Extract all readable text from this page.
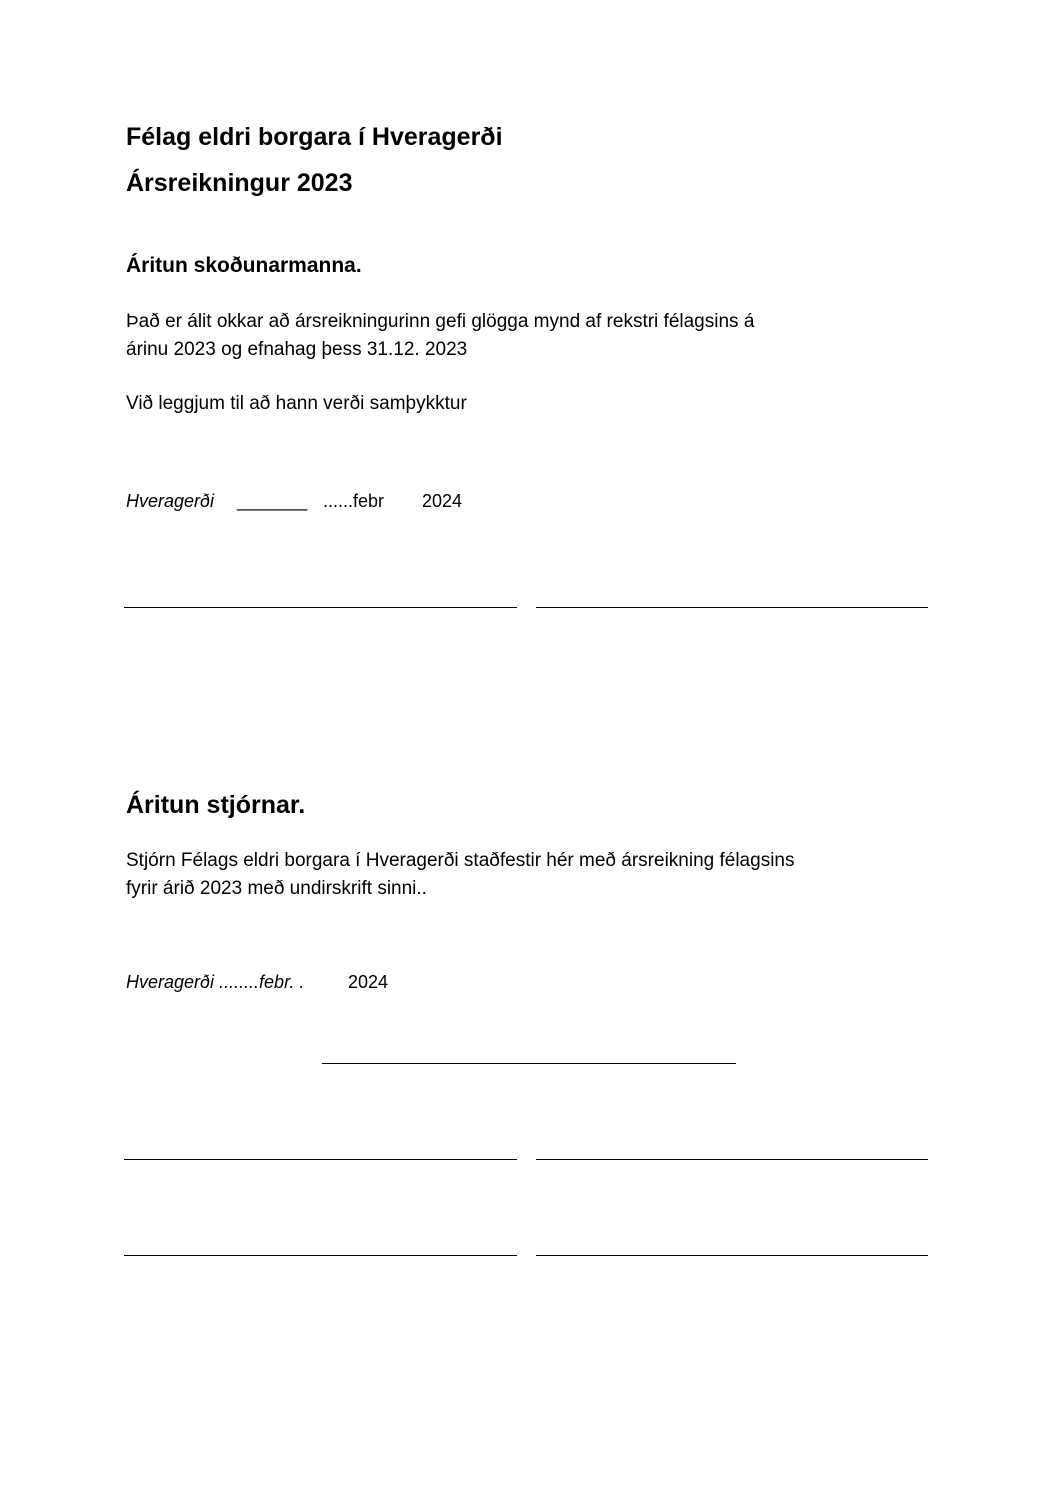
Félag eldri borgara í Hveragerði
Ársreikningur 2023
Áritun skoðunarmanna.
Það er álit okkar að ársreikningurinn gefi glögga mynd af rekstri félagsins á
árinu 2023 og efnahag þess 31.12. 2023

Við leggjum til að hann verði samþykktur

Hveragerði _______ ......febr 2024
Áritun stjórnar.
Stjórn Félags eldri borgara í Hveragerði staðfestir hér með ársreikning félagsins
fyrir árið 2023 með undirskrift sinni..
Hveragerði ........febr. . 2024
